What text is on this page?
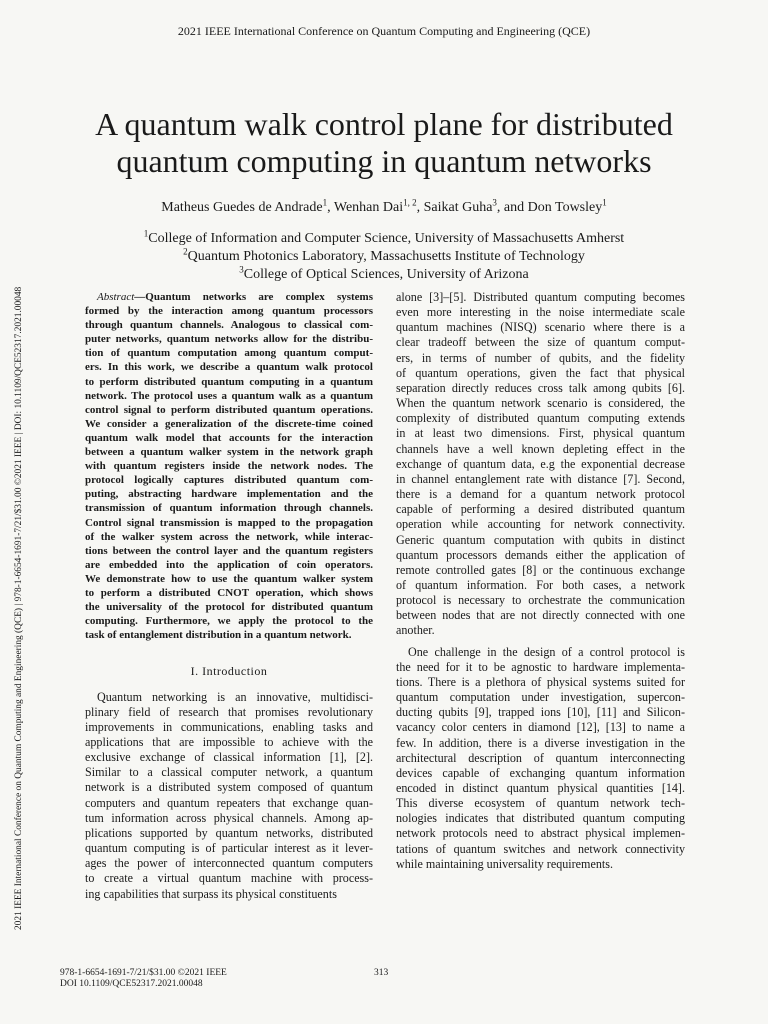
2021 IEEE International Conference on Quantum Computing and Engineering (QCE)
2021 IEEE International Conference on Quantum Computing and Engineering (QCE) | 978-1-6654-1691-7/21/$31.00 ©2021 IEEE | DOI: 10.1109/QCE52317.2021.00048
A quantum walk control plane for distributed
quantum computing in quantum networks
Matheus Guedes de Andrade$^1$, Wenhan Dai$^{1, 2}$, Saikat Guha$^3$, and Don Towsley$^1$
$^1$College of Information and Computer Science, University of Massachusetts Amherst
$^2$Quantum Photonics Laboratory, Massachusetts Institute of Technology
$^3$College of Optical Sciences, University of Arizona
Abstract—Quantum networks are complex systems
formed by the interaction among quantum processors
through quantum channels. Analogous to classical com-
puter networks, quantum networks allow for the distribu-
tion of quantum computation among quantum comput-
ers. In this work, we describe a quantum walk protocol
to perform distributed quantum computing in a quantum
network. The protocol uses a quantum walk as a quantum
control signal to perform distributed quantum operations.
We consider a generalization of the discrete-time coined
quantum walk model that accounts for the interaction
between a quantum walker system in the network graph
with quantum registers inside the network nodes. The
protocol logically captures distributed quantum com-
puting, abstracting hardware implementation and the
transmission of quantum information through channels.
Control signal transmission is mapped to the propagation
of the walker system across the network, while interac-
tions between the control layer and the quantum registers
are embedded into the application of coin operators.
We demonstrate how to use the quantum walker system
to perform a distributed CNOT operation, which shows
the universality of the protocol for distributed quantum
computing. Furthermore, we apply the protocol to the
task of entanglement distribution in a quantum network.
I. Introduction
Quantum networking is an innovative, multidisci-
plinary field of research that promises revolutionary
improvements in communications, enabling tasks and
applications that are impossible to achieve with the
exclusive exchange of classical information [1], [2].
Similar to a classical computer network, a quantum
network is a distributed system composed of quantum
computers and quantum repeaters that exchange quan-
tum information across physical channels. Among ap-
plications supported by quantum networks, distributed
quantum computing is of particular interest as it lever-
ages the power of interconnected quantum computers
to create a virtual quantum machine with process-
ing capabilities that surpass its physical constituents
alone [3]–[5]. Distributed quantum computing becomes
even more interesting in the noise intermediate scale
quantum machines (NISQ) scenario where there is a
clear tradeoff between the size of quantum comput-
ers, in terms of number of qubits, and the fidelity
of quantum operations, given the fact that physical
separation directly reduces cross talk among qubits [6].
When the quantum network scenario is considered, the
complexity of distributed quantum computing extends
in at least two dimensions. First, physical quantum
channels have a well known depleting effect in the
exchange of quantum data, e.g the exponential decrease
in channel entanglement rate with distance [7]. Second,
there is a demand for a quantum network protocol
capable of performing a desired distributed quantum
operation while accounting for network connectivity.
Generic quantum computation with qubits in distinct
quantum processors demands either the application of
remote controlled gates [8] or the continuous exchange
of quantum information. For both cases, a network
protocol is necessary to orchestrate the communication
between nodes that are not directly connected with one
another.
One challenge in the design of a control protocol is
the need for it to be agnostic to hardware implementa-
tions. There is a plethora of physical systems suited for
quantum computation under investigation, supercon-
ducting qubits [9], trapped ions [10], [11] and Silicon-
vacancy color centers in diamond [12], [13] to name a
few. In addition, there is a diverse investigation in the
architectural description of quantum interconnecting
devices capable of exchanging quantum information
encoded in distinct quantum physical quantities [14].
This diverse ecosystem of quantum network tech-
nologies indicates that distributed quantum computing
network protocols need to abstract physical implemen-
tations of quantum switches and network connectivity
while maintaining universality requirements.
978-1-6654-1691-7/21/$31.00 ©2021 IEEE
DOI 10.1109/QCE52317.2021.00048
313
